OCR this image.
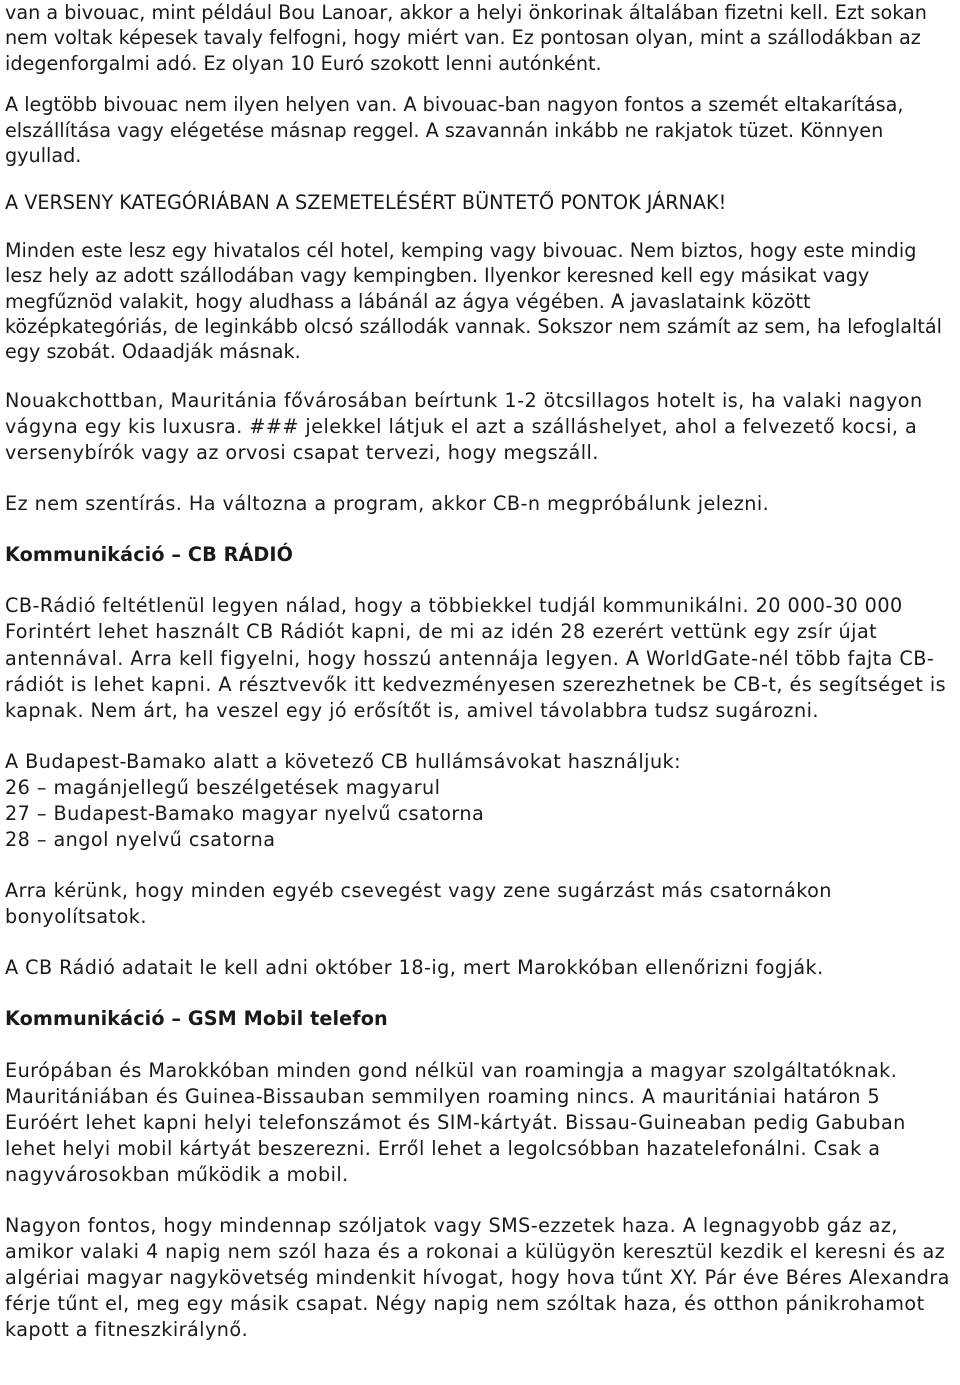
van a bivouac, mint például Bou Lanoar, akkor a helyi önkorinak általában fizetni kell. Ezt sokan nem voltak képesek tavaly felfogni, hogy miért van. Ez pontosan olyan, mint a szállodákban az idegenforgalmi adó. Ez olyan 10 Euró szokott lenni autónként.

A legtöbb bivouac nem ilyen helyen van. A bivouac-ban nagyon fontos a szemét eltakarítása, elszállítása vagy elégetése másnap reggel. A szavannán inkább ne rakjatok tüzet. Könnyen gyullad.

A VERSENY KATEGÓRIÁBAN A SZEMETELÉSÉRT BÜNTETŐ PONTOK JÁRNAK!

Minden este lesz egy hivatalos cél hotel, kemping vagy bivouac. Nem biztos, hogy este mindig lesz hely az adott szállodában vagy kempingben. Ilyenkor keresned kell egy másikat vagy megfűznöd valakit, hogy aludhass a lábánál az ágya végében. A javaslataink között középkategóriás, de leginkább olcsó szállodák vannak. Sokszor nem számít az sem, ha lefoglaltál egy szobát. Odaadják másnak.

Nouakchottban, Mauritánia fővárosában beírtunk 1-2 ötcsillagos hotelt is, ha valaki nagyon vágyna egy kis luxusra. ### jelekkel látjuk el azt a szálláshelyet, ahol a felvezető kocsi, a versenybírók vagy az orvosi csapat tervezi, hogy megszáll.

Ez nem szentírás. Ha változna a program, akkor CB-n megpróbálunk jelezni.

Kommunikáció – CB RÁDIÓ

CB-Rádió feltétlenül legyen nálad, hogy a többiekkel tudjál kommunikálni. 20 000-30 000 Forintért lehet használt CB Rádiót kapni, de mi az idén 28 ezerért vettünk egy zsír újat antennával. Arra kell figyelni, hogy hosszú antennája legyen. A WorldGate-nél több fajta CB-rádiót is lehet kapni. A résztvevők itt kedvezményesen szerezhetnek be CB-t, és segítséget is kapnak. Nem árt, ha veszel egy jó erősítőt is, amivel távolabbra tudsz sugározni.

A Budapest-Bamako alatt a követező CB hullámsávokat használjuk:

26 – magánjellegű beszélgetések magyarul

27 – Budapest-Bamako magyar nyelvű csatorna

28 – angol nyelvű csatorna

Arra kérünk, hogy minden egyéb csevegést vagy zene sugárzást más csatornákon bonyolítsatok.

A CB Rádió adatait le kell adni október 18-ig, mert Marokkóban ellenőrizni fogják.

Kommunikáció – GSM Mobil telefon

Európában és Marokkóban minden gond nélkül van roamingja a magyar szolgáltatóknak. Mauritániában és Guinea-Bissauban semmilyen roaming nincs. A mauritániai határon 5 Euróért lehet kapni helyi telefonszámot és SIM-kártyát. Bissau-Guineaban pedig Gabuban lehet helyi mobil kártyát beszerezni. Erről lehet a legolcsóbban hazatelefonálni. Csak a nagyvárosokban működik a mobil.

Nagyon fontos, hogy mindennap szóljatok vagy SMS-ezzetek haza. A legnagyobb gáz az, amikor valaki 4 napig nem szól haza és a rokonai a külügyön keresztül kezdik el keresni és az algériai magyar nagykövetség mindenkit hívogat, hogy hova tűnt XY. Pár éve Béres Alexandra férje tűnt el, meg egy másik csapat. Négy napig nem szóltak haza, és otthon pánikrohamot kapott a fitneszkirálynő.
